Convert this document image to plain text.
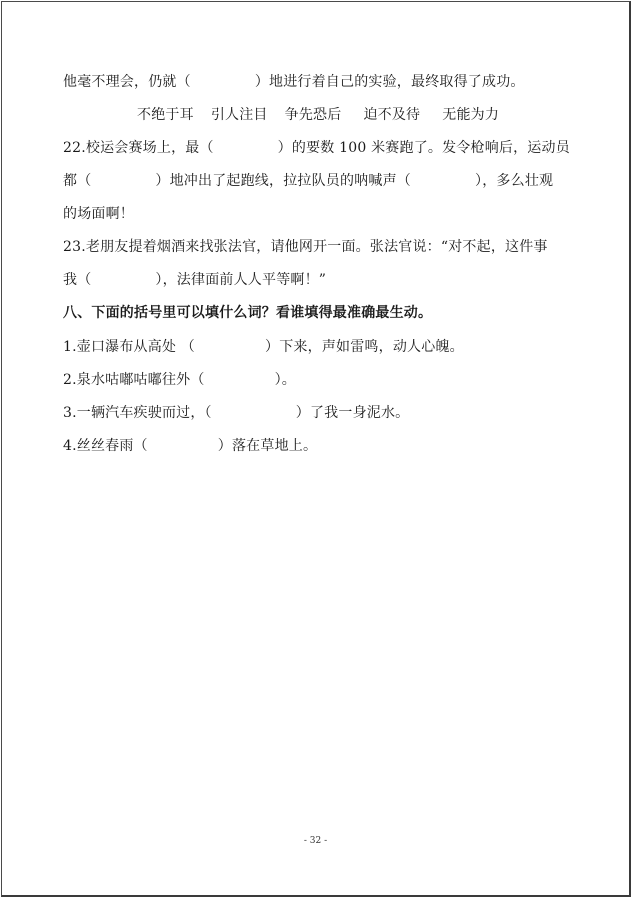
他毫不理会，仍就（	）地进行着自己的实验，最终取得了成功。
不绝于耳 引人注目 争先恐后 迫不及待 无能为力
22.校运会赛场上，最（	）的要数 100 米赛跑了。发令枪响后，运动员
都（	）地冲出了起跑线，拉拉队员的呐喊声（	），多么壮观
的场面啊！
23.老朋友提着烟酒来找张法官，请他网开一面。张法官说：“对不起，这件事
我（	），法律面前人人平等啊！”
八、下面的括号里可以填什么词？看谁填得最准确最生动。
1.壶口瀑布从高处 （	）下来，声如雷鸣，动人心魄。
2.泉水咕嘟咕嘟往外（	）。
3.一辆汽车疾驶而过，（	）了我一身泥水。
4.丝丝春雨（	）落在草地上。
- 32 -
